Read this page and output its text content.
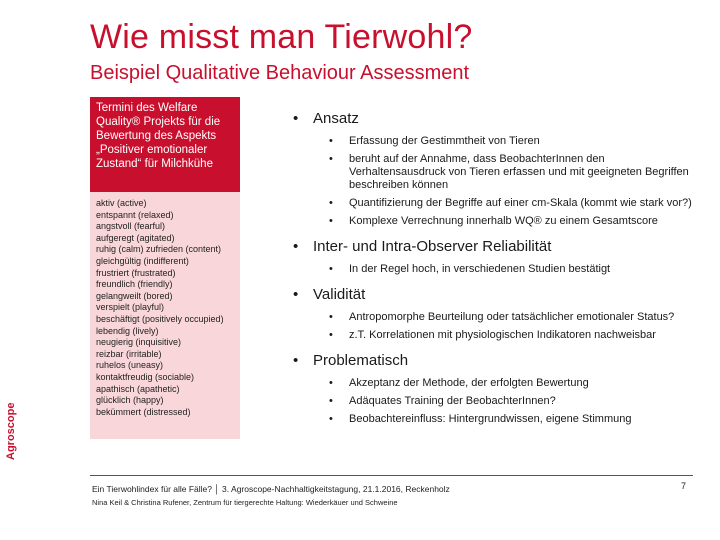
Wie misst man Tierwohl?
Beispiel Qualitative Behaviour Assessment
Agroscope
Termini des Welfare Quality® Projekts für die Bewertung des Aspekts „Positiver emotionaler Zustand“ für Milchkühe
aktiv (active)
entspannt (relaxed)
angstvoll (fearful)
aufgeregt (agitated)
ruhig (calm) zufrieden (content)
gleichgültig (indifferent)
frustriert (frustrated)
freundlich (friendly)
gelangweilt (bored)
verspielt (playful)
beschäftigt (positively occupied)
lebendig (lively)
neugierig (inquisitive)
reizbar (irritable)
ruhelos (uneasy)
kontaktfreudig (sociable)
apathisch (apathetic)
glücklich (happy)
bekümmert (distressed)
• Ansatz
• Erfassung der Gestimmtheit von Tieren
• beruht auf der Annahme, dass BeobachterInnen den Verhaltensausdruck von Tieren erfassen und mit geeigneten Begriffen beschreiben können
• Quantifizierung der Begriffe auf einer cm-Skala (kommt wie stark vor?)
• Komplexe Verrechnung innerhalb WQ® zu einem Gesamtscore
• Inter- und Intra-Observer Reliabilität
• In der Regel hoch, in verschiedenen Studien bestätigt
• Validität
• Antropomorphe Beurteilung oder tatsächlicher emotionaler Status?
• z.T. Korrelationen mit physiologischen Indikatoren nachweisbar
• Problematisch
• Akzeptanz der Methode, der erfolgten Bewertung
• Adäquates Training der BeobachterInnen?
• Beobachtereinfluss: Hintergrundwissen, eigene Stimmung
Ein Tierwohlindex für alle Fälle? │ 3. Agroscope-Nachhaltigkeitstagung, 21.1.2016, Reckenholz
Nina Keil & Christina Rufener, Zentrum für tiergerechte Haltung: Wiederkäuer und Schweine
7
